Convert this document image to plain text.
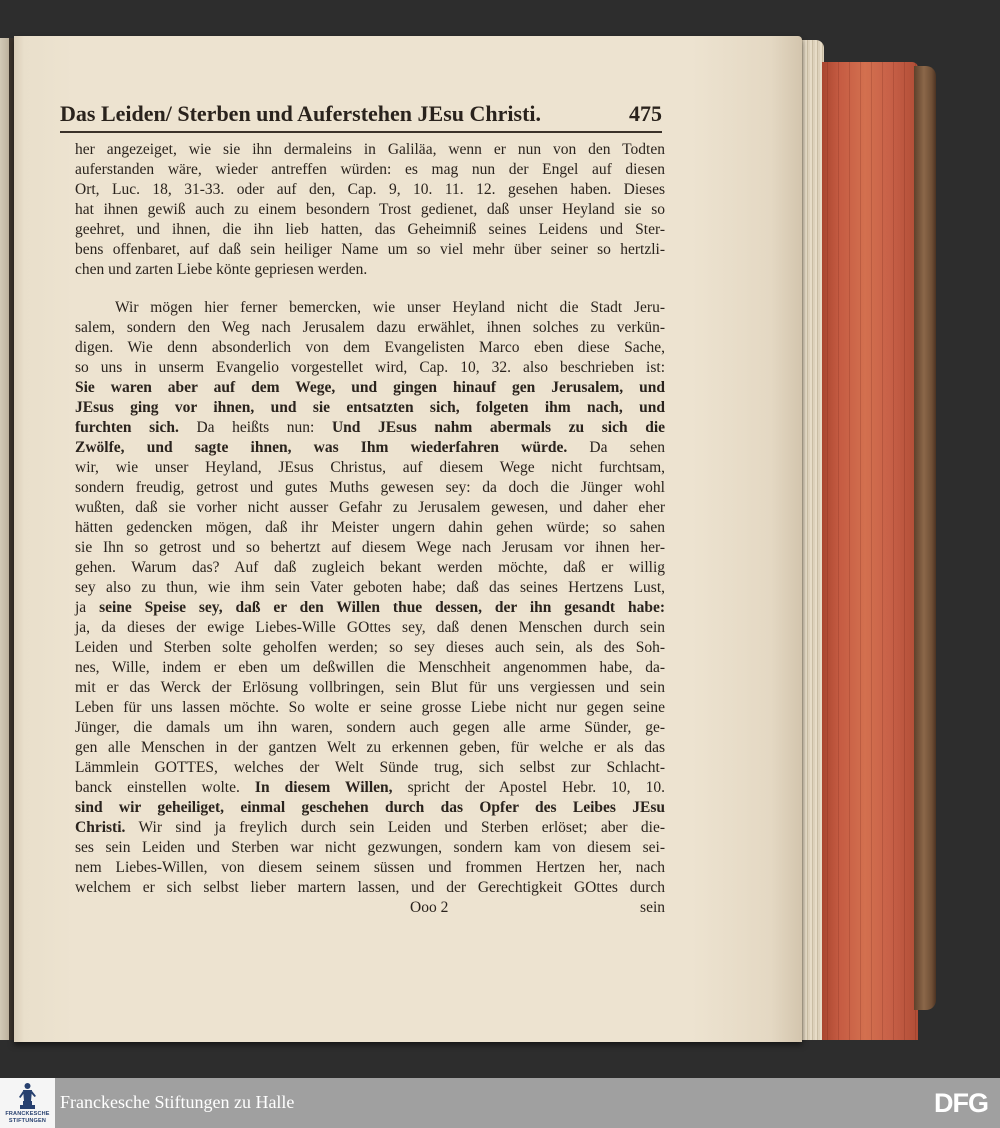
Das Leiden/ Sterben und Auferstehen JEsu Christi.	475
her angezeiget, wie sie ihn dermaleins in Galiläa, wenn er nun von den Todten
auferstanden wäre, wieder antreffen würden: es mag nun der Engel auf diesen
Ort, Luc. 18, 31-33. oder auf den, Cap. 9, 10. 11. 12. gesehen haben. Dieses
hat ihnen gewiß auch zu einem besondern Trost gedienet, daß unser Heyland sie so
geehret, und ihnen, die ihn lieb hatten, das Geheimniß seines Leidens und Ster-
bens offenbaret, auf daß sein heiliger Name um so viel mehr über seiner so hertzli-
chen und zarten Liebe könte gepriesen werden.
Wir mögen hier ferner bemercken, wie unser Heyland nicht die Stadt Jeru-
salem, sondern den Weg nach Jerusalem dazu erwählet, ihnen solches zu verkün-
digen. Wie denn absonderlich von dem Evangelisten Marco eben diese Sache,
so uns in unserm Evangelio vorgestellet wird, Cap. 10, 32. also beschrieben ist:
Sie waren aber auf dem Wege, und gingen hinauf gen Jerusalem, und
JEsus ging vor ihnen, und sie entsatzten sich, folgeten ihm nach, und
furchten sich. Da heißts nun: Und JEsus nahm abermals zu sich die
Zwölfe, und sagte ihnen, was Ihm wiederfahren würde. Da sehen
wir, wie unser Heyland, JEsus Christus, auf diesem Wege nicht furchtsam,
sondern freudig, getrost und gutes Muths gewesen sey: da doch die Jünger wohl
wußten, daß sie vorher nicht ausser Gefahr zu Jerusalem gewesen, und daher eher
hätten gedencken mögen, daß ihr Meister ungern dahin gehen würde; so sahen
sie Ihn so getrost und so behertzt auf diesem Wege nach Jerusam vor ihnen her-
gehen. Warum das? Auf daß zugleich bekant werden möchte, daß er willig
sey also zu thun, wie ihm sein Vater geboten habe; daß das seines Hertzens Lust,
ja seine Speise sey, daß er den Willen thue dessen, der ihn gesandt habe:
ja, da dieses der ewige Liebes-Wille GOttes sey, daß denen Menschen durch sein
Leiden und Sterben solte geholfen werden; so sey dieses auch sein, als des Soh-
nes, Wille, indem er eben um deßwillen die Menschheit angenommen habe, da-
mit er das Werck der Erlösung vollbringen, sein Blut für uns vergiessen und sein
Leben für uns lassen möchte. So wolte er seine grosse Liebe nicht nur gegen seine
Jünger, die damals um ihn waren, sondern auch gegen alle arme Sünder, ge-
gen alle Menschen in der gantzen Welt zu erkennen geben, für welche er als das
Lämmlein GOTTES, welches der Welt Sünde trug, sich selbst zur Schlacht-
banck einstellen wolte. In diesem Willen, spricht der Apostel Hebr. 10, 10.
sind wir geheiliget, einmal geschehen durch das Opfer des Leibes JEsu
Christi. Wir sind ja freylich durch sein Leiden und Sterben erlöset; aber die-
ses sein Leiden und Sterben war nicht gezwungen, sondern kam von diesem sei-
nem Liebes-Willen, von diesem seinem süssen und frommen Hertzen her, nach
welchem er sich selbst lieber martern lassen, und der Gerechtigkeit GOttes durch
Ooo 2	sein
FRANCKESCHE
STIFTUNGEN
Franckesche Stiftungen zu Halle	DFG
